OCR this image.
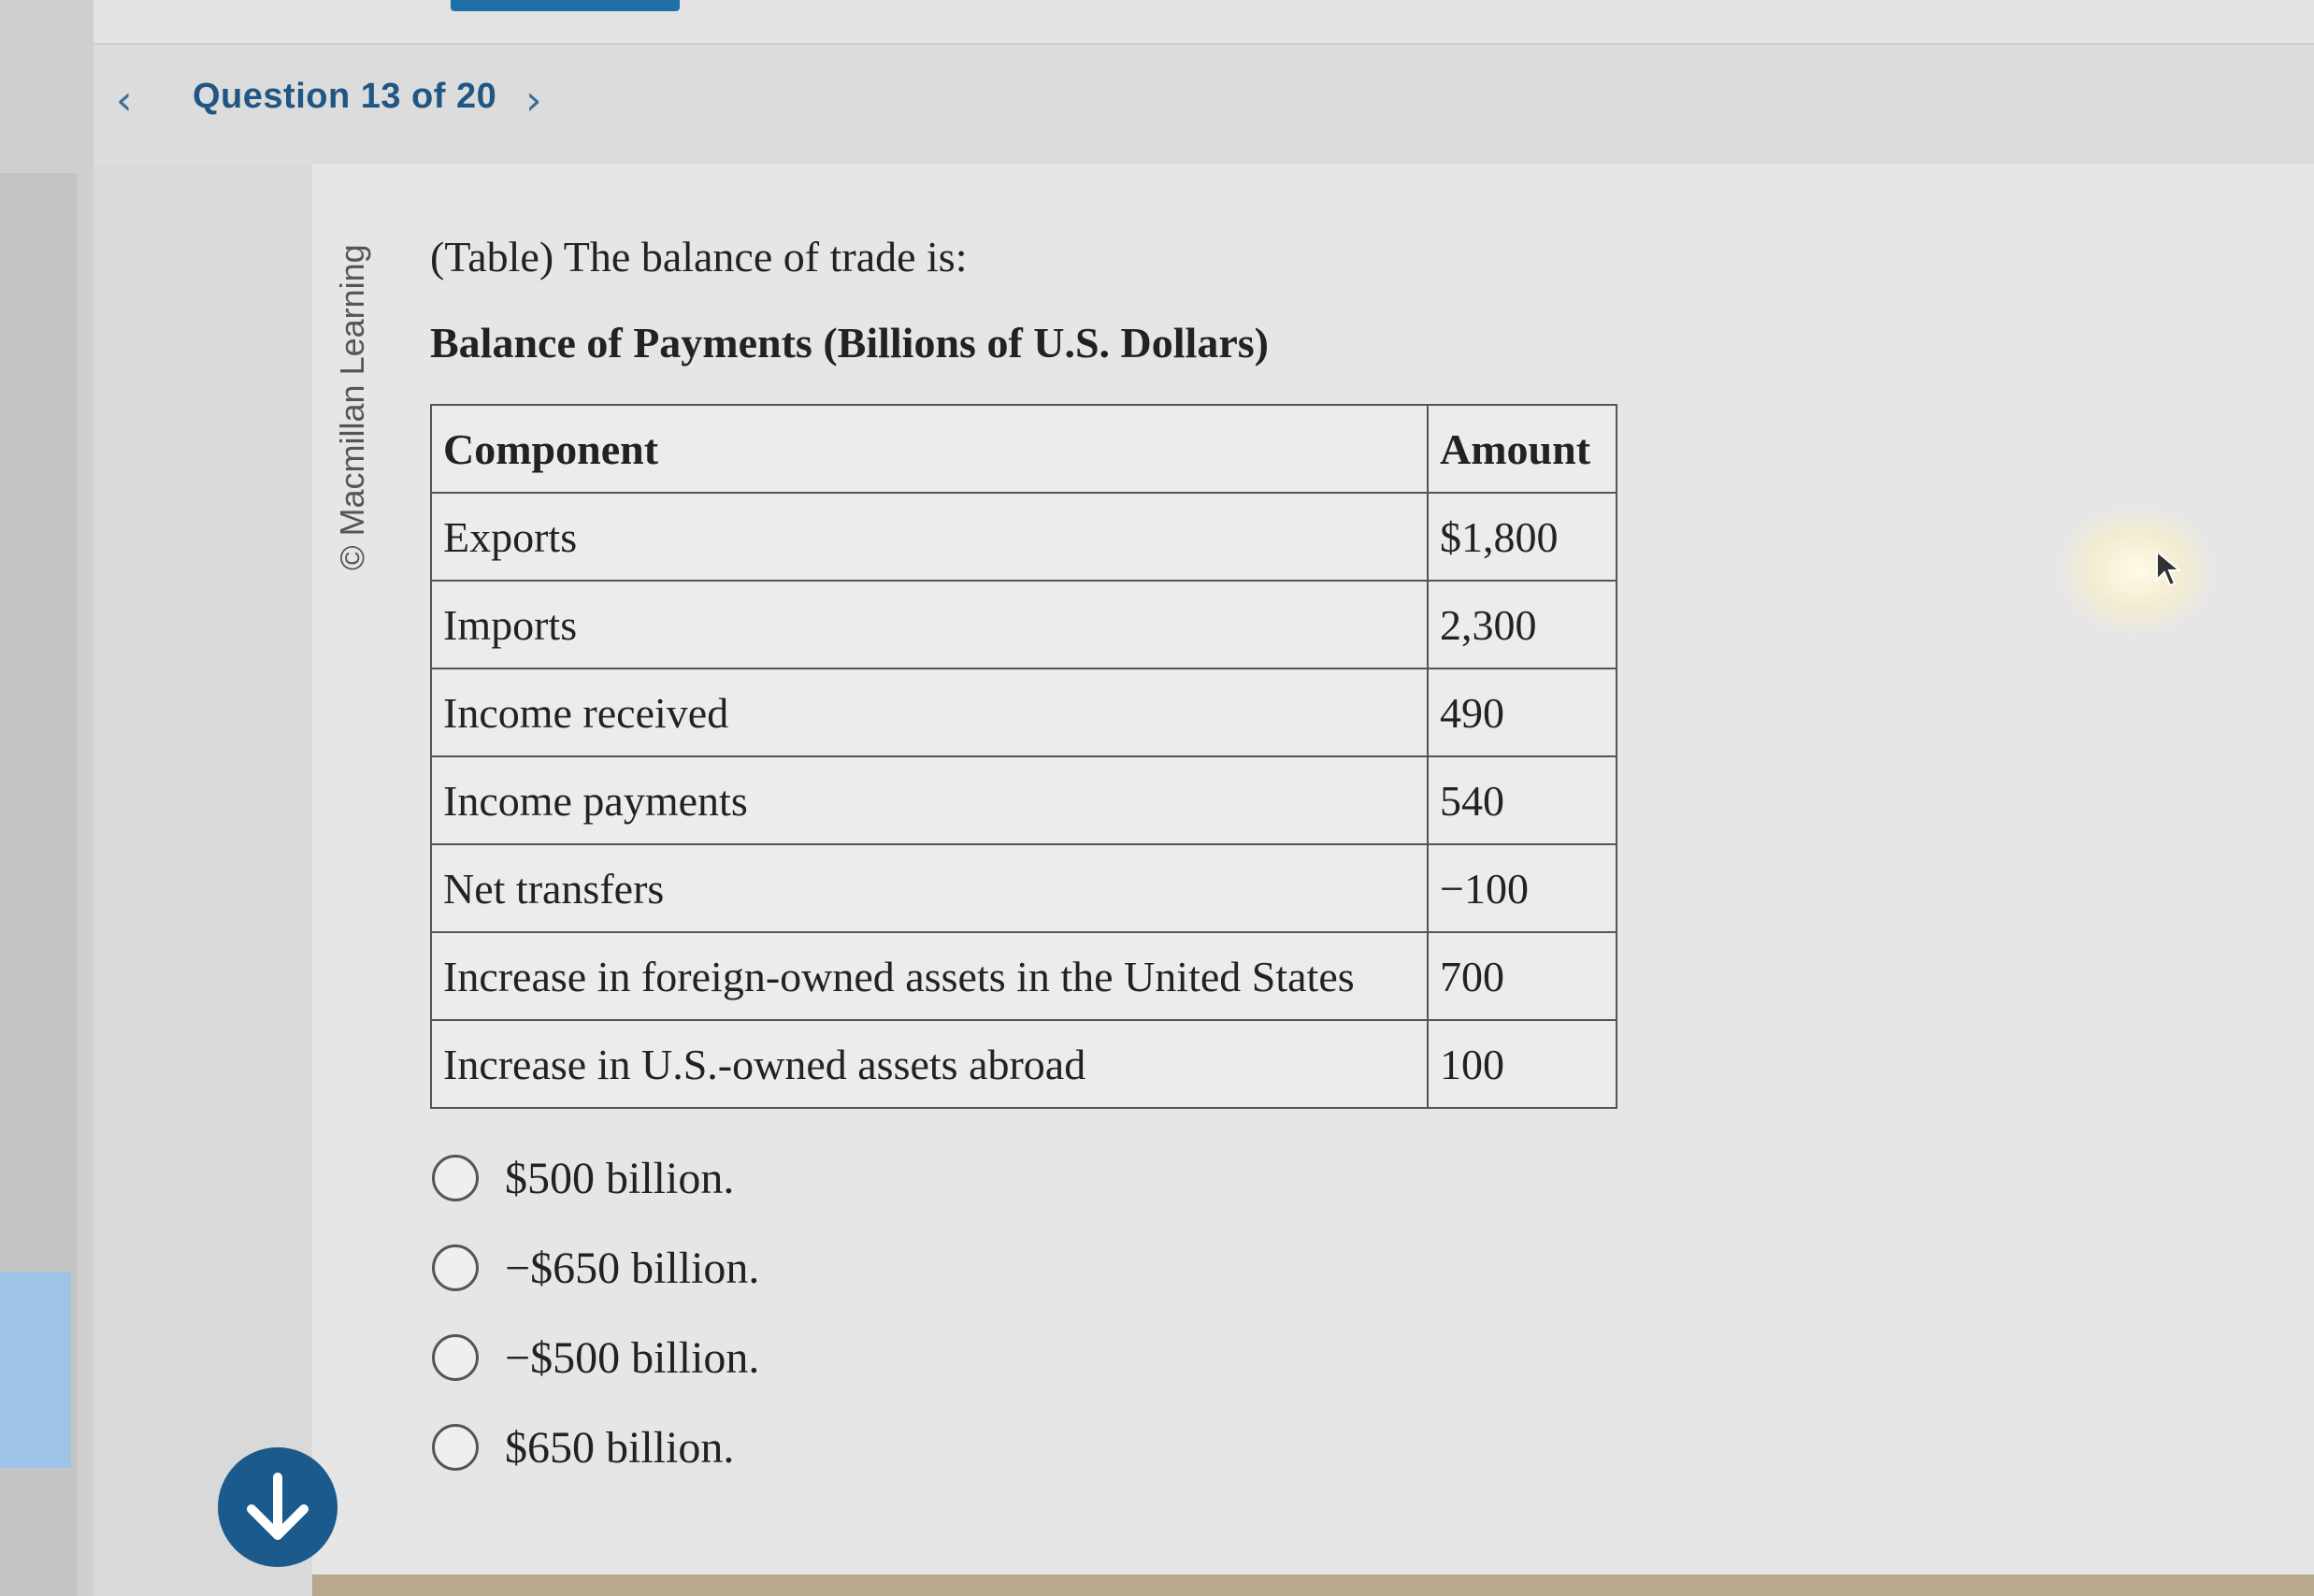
‹ Question 13 of 20 ›
© Macmillan Learning (Table) The balance of trade is:
Balance of Payments (Billions of U.S. Dollars)
Component	Amount
Exports	$1,800
Imports	2,300
Income received	490
Income payments	540
Net transfers	−100
Increase in foreign-owned assets in the United States	700
Increase in U.S.-owned assets abroad	100
$500 billion.
−$650 billion.
−$500 billion.
$650 billion.
